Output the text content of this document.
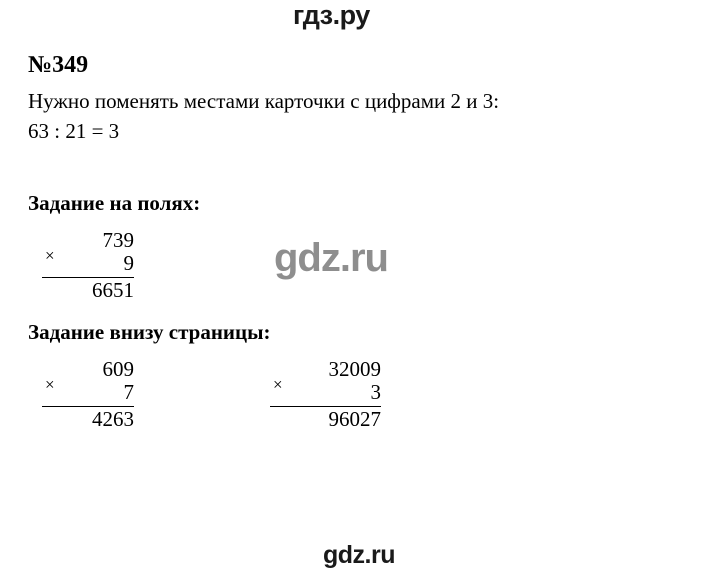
гдз.ру
№349

Нужно поменять местами карточки с цифрами 2 и 3:

63 : 21 = 3

Задание на полях:
×
739
9
6651
Задание внизу страницы:
×
609
7
4263
×
32009
3
96027
gdz.ru
gdz.ru
